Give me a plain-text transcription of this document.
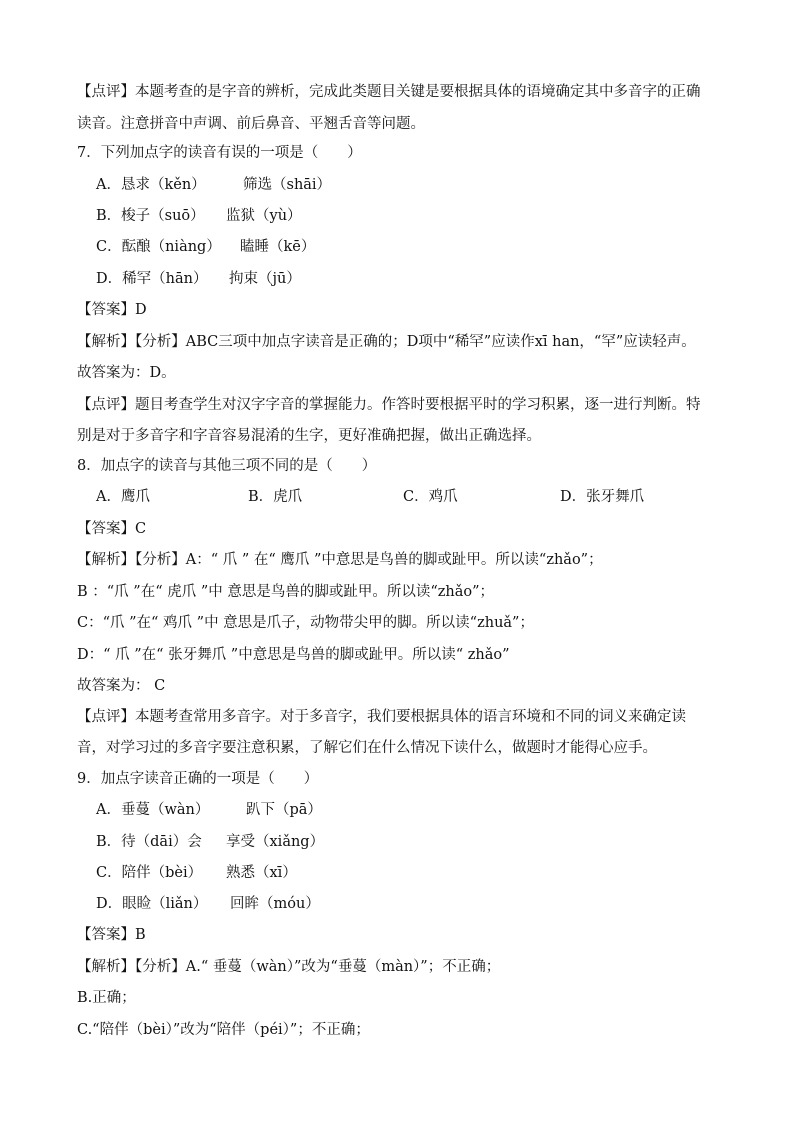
【点评】本题考查的是字音的辨析，完成此类题目关键是要根据具体的语境确定其中多音字的正确
读音。注意拼音中声调、前后鼻音、平翘舌音等问题。
7．下列加点字的读音有误的一项是（　　）
A．恳求（kěn）	筛选（shāi）
B．梭子（suō） 监狱（yù）
C．酝酿（niàng） 瞌睡（kē）
D．稀罕（hān） 拘束（jū）
【答案】D
【解析】【分析】ABC三项中加点字读音是正确的；D项中“稀罕”应读作xī han，“罕”应读轻声。
故答案为：D。
【点评】题目考查学生对汉字字音的掌握能力。作答时要根据平时的学习积累，逐一进行判断。特
别是对于多音字和字音容易混淆的生字，更好准确把握，做出正确选择。
8．加点字的读音与其他三项不同的是（　　）
A．鹰爪	B．虎爪	C．鸡爪	D．张牙舞爪
【答案】C
【解析】【分析】A：“ 爪 ” 在“ 鹰爪 ”中意思是鸟兽的脚或趾甲。所以读“zhǎo”；
B ：“爪 ”在“ 虎爪 ”中 意思是鸟兽的脚或趾甲。所以读“zhǎo”；
C：“爪 ”在“ 鸡爪 ”中 意思是爪子，动物带尖甲的脚。所以读“zhuǎ”；
D：“ 爪 ”在“ 张牙舞爪 ”中意思是鸟兽的脚或趾甲。所以读“ zhǎo”
故答案为： C
【点评】本题考查常用多音字。对于多音字，我们要根据具体的语言环境和不同的词义来确定读
音，对学习过的多音字要注意积累，了解它们在什么情况下读什么，做题时才能得心应手。
9．加点字读音正确的一项是（　　）
A．垂蔓（wàn）	趴下（pā）
B．待（dāi）会 享受（xiǎng）
C．陪伴（bèi） 熟悉（xī）
D．眼睑（liǎn） 回眸（móu）
【答案】B
【解析】【分析】A.“ 垂蔓（wàn）”改为“垂蔓（màn）”；不正确；
B.正确；
C.“陪伴（bèi）”改为“陪伴（péi）”；不正确；
